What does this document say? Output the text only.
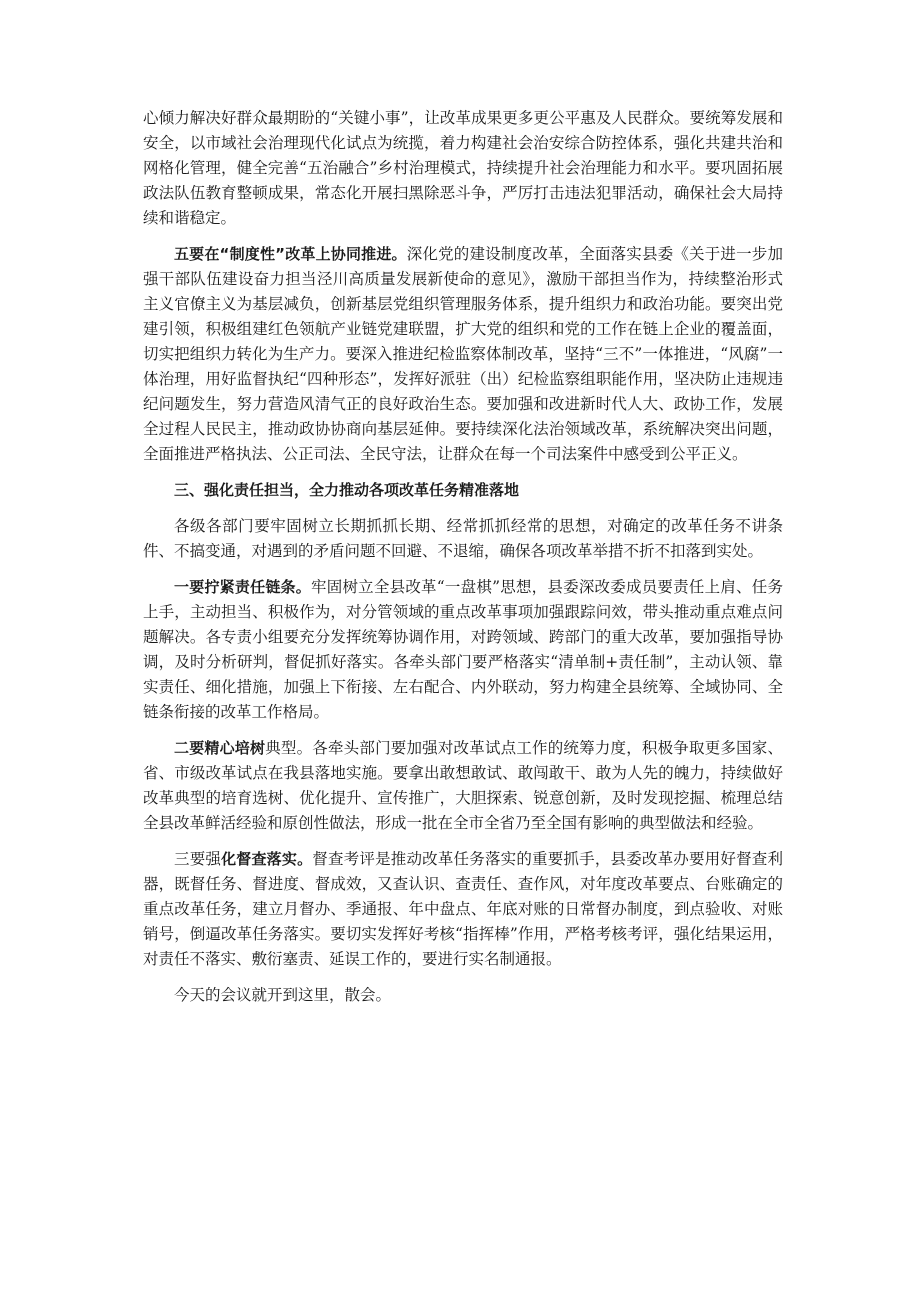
心倾力解决好群众最期盼的“关键小事”，让改革成果更多更公平惠及人民群众。要统筹发展和安全，以市域社会治理现代化试点为统揽，着力构建社会治安综合防控体系，强化共建共治和网格化管理，健全完善“五治融合”乡村治理模式，持续提升社会治理能力和水平。要巩固拓展政法队伍教育整顿成果，常态化开展扫黑除恶斗争，严厉打击违法犯罪活动，确保社会大局持续和谐稳定。

五要在“制度性”改革上协同推进。深化党的建设制度改革，全面落实县委《关于进一步加强干部队伍建设奋力担当泾川高质量发展新使命的意见》，激励干部担当作为，持续整治形式主义官僚主义为基层减负，创新基层党组织管理服务体系，提升组织力和政治功能。要突出党建引领，积极组建红色领航产业链党建联盟，扩大党的组织和党的工作在链上企业的覆盖面，切实把组织力转化为生产力。要深入推进纪检监察体制改革，坚持“三不”一体推进，“风腐”一体治理，用好监督执纪“四种形态”，发挥好派驻（出）纪检监察组职能作用，坚决防止违规违纪问题发生，努力营造风清气正的良好政治生态。要加强和改进新时代人大、政协工作，发展全过程人民民主，推动政协协商向基层延伸。要持续深化法治领域改革，系统解决突出问题，全面推进严格执法、公正司法、全民守法，让群众在每一个司法案件中感受到公平正义。

三、强化责任担当，全力推动各项改革任务精准落地

各级各部门要牢固树立长期抓抓长期、经常抓抓经常的思想，对确定的改革任务不讲条件、不搞变通，对遇到的矛盾问题不回避、不退缩，确保各项改革举措不折不扣落到实处。

一要拧紧责任链条。牢固树立全县改革“一盘棋”思想，县委深改委成员要责任上肩、任务上手，主动担当、积极作为，对分管领域的重点改革事项加强跟踪问效，带头推动重点难点问题解决。各专责小组要充分发挥统筹协调作用，对跨领域、跨部门的重大改革，要加强指导协调，及时分析研判，督促抓好落实。各牵头部门要严格落实“清单制+责任制”，主动认领、靠实责任、细化措施，加强上下衔接、左右配合、内外联动，努力构建全县统筹、全域协同、全链条衔接的改革工作格局。

二要精心培树典型。各牵头部门要加强对改革试点工作的统筹力度，积极争取更多国家、省、市级改革试点在我县落地实施。要拿出敢想敢试、敢闯敢干、敢为人先的魄力，持续做好改革典型的培育选树、优化提升、宣传推广，大胆探索、锐意创新，及时发现挖掘、梳理总结全县改革鲜活经验和原创性做法，形成一批在全市全省乃至全国有影响的典型做法和经验。

三要强化督查落实。督查考评是推动改革任务落实的重要抓手，县委改革办要用好督查利器，既督任务、督进度、督成效，又查认识、查责任、查作风，对年度改革要点、台账确定的重点改革任务，建立月督办、季通报、年中盘点、年底对账的日常督办制度，到点验收、对账销号，倒逼改革任务落实。要切实发挥好考核“指挥棒”作用，严格考核考评，强化结果运用，对责任不落实、敷衍塞责、延误工作的，要进行实名制通报。

今天的会议就开到这里，散会。
